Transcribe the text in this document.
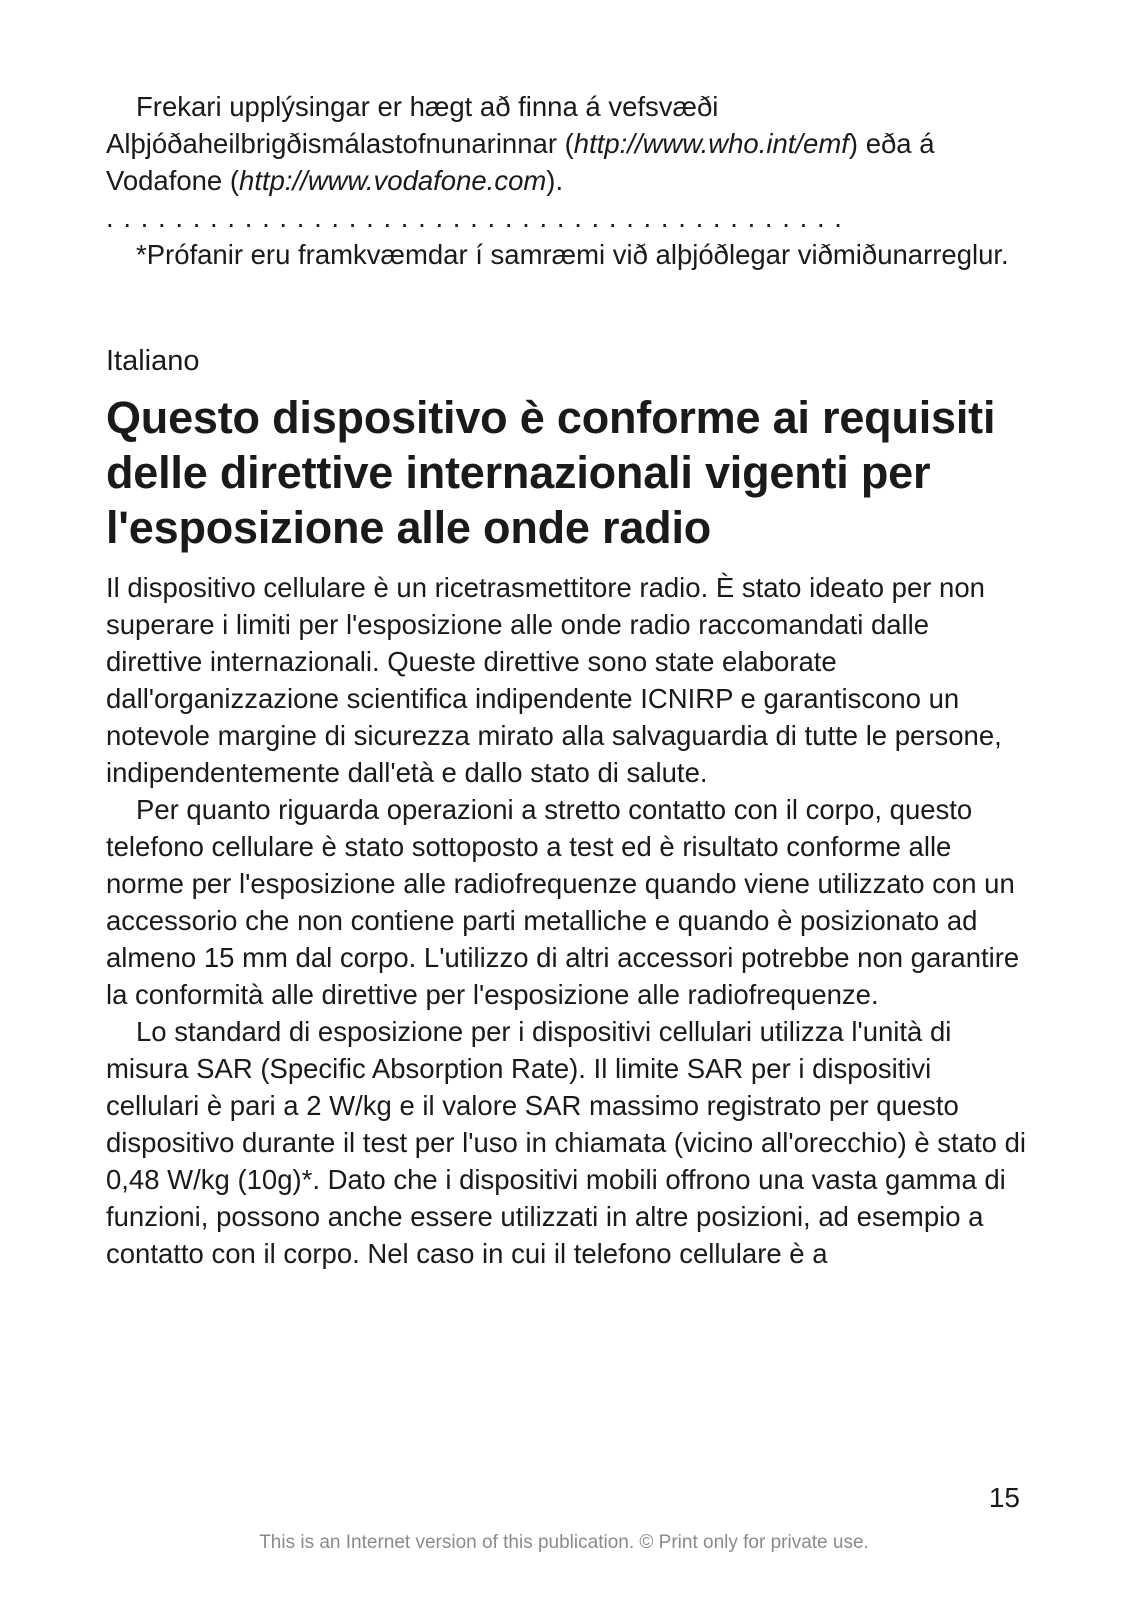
Frekari upplýsingar er hægt að finna á vefsvæði Alþjóðaheilbrigðismálastofnunarinnar (http://www.who.int/emf) eða á Vodafone (http://www.vodafone.com).

...........................................

*Prófanir eru framkvæmdar í samræmi við alþjóðlegar viðmiðunarreglur.

Italiano

Questo dispositivo è conforme ai requisiti delle direttive internazionali vigenti per l'esposizione alle onde radio

Il dispositivo cellulare è un ricetrasmettitore radio. È stato ideato per non superare i limiti per l'esposizione alle onde radio raccomandati dalle direttive internazionali. Queste direttive sono state elaborate dall'organizzazione scientifica indipendente ICNIRP e garantiscono un notevole margine di sicurezza mirato alla salvaguardia di tutte le persone, indipendentemente dall'età e dallo stato di salute.

Per quanto riguarda operazioni a stretto contatto con il corpo, questo telefono cellulare è stato sottoposto a test ed è risultato conforme alle norme per l'esposizione alle radiofrequenze quando viene utilizzato con un accessorio che non contiene parti metalliche e quando è posizionato ad almeno 15 mm dal corpo. L'utilizzo di altri accessori potrebbe non garantire la conformità alle direttive per l'esposizione alle radiofrequenze.

Lo standard di esposizione per i dispositivi cellulari utilizza l'unità di misura SAR (Specific Absorption Rate). Il limite SAR per i dispositivi cellulari è pari a 2 W/kg e il valore SAR massimo registrato per questo dispositivo durante il test per l'uso in chiamata (vicino all'orecchio) è stato di 0,48 W/kg (10g)*. Dato che i dispositivi mobili offrono una vasta gamma di funzioni, possono anche essere utilizzati in altre posizioni, ad esempio a contatto con il corpo. Nel caso in cui il telefono cellulare è a

15
This is an Internet version of this publication. © Print only for private use.
